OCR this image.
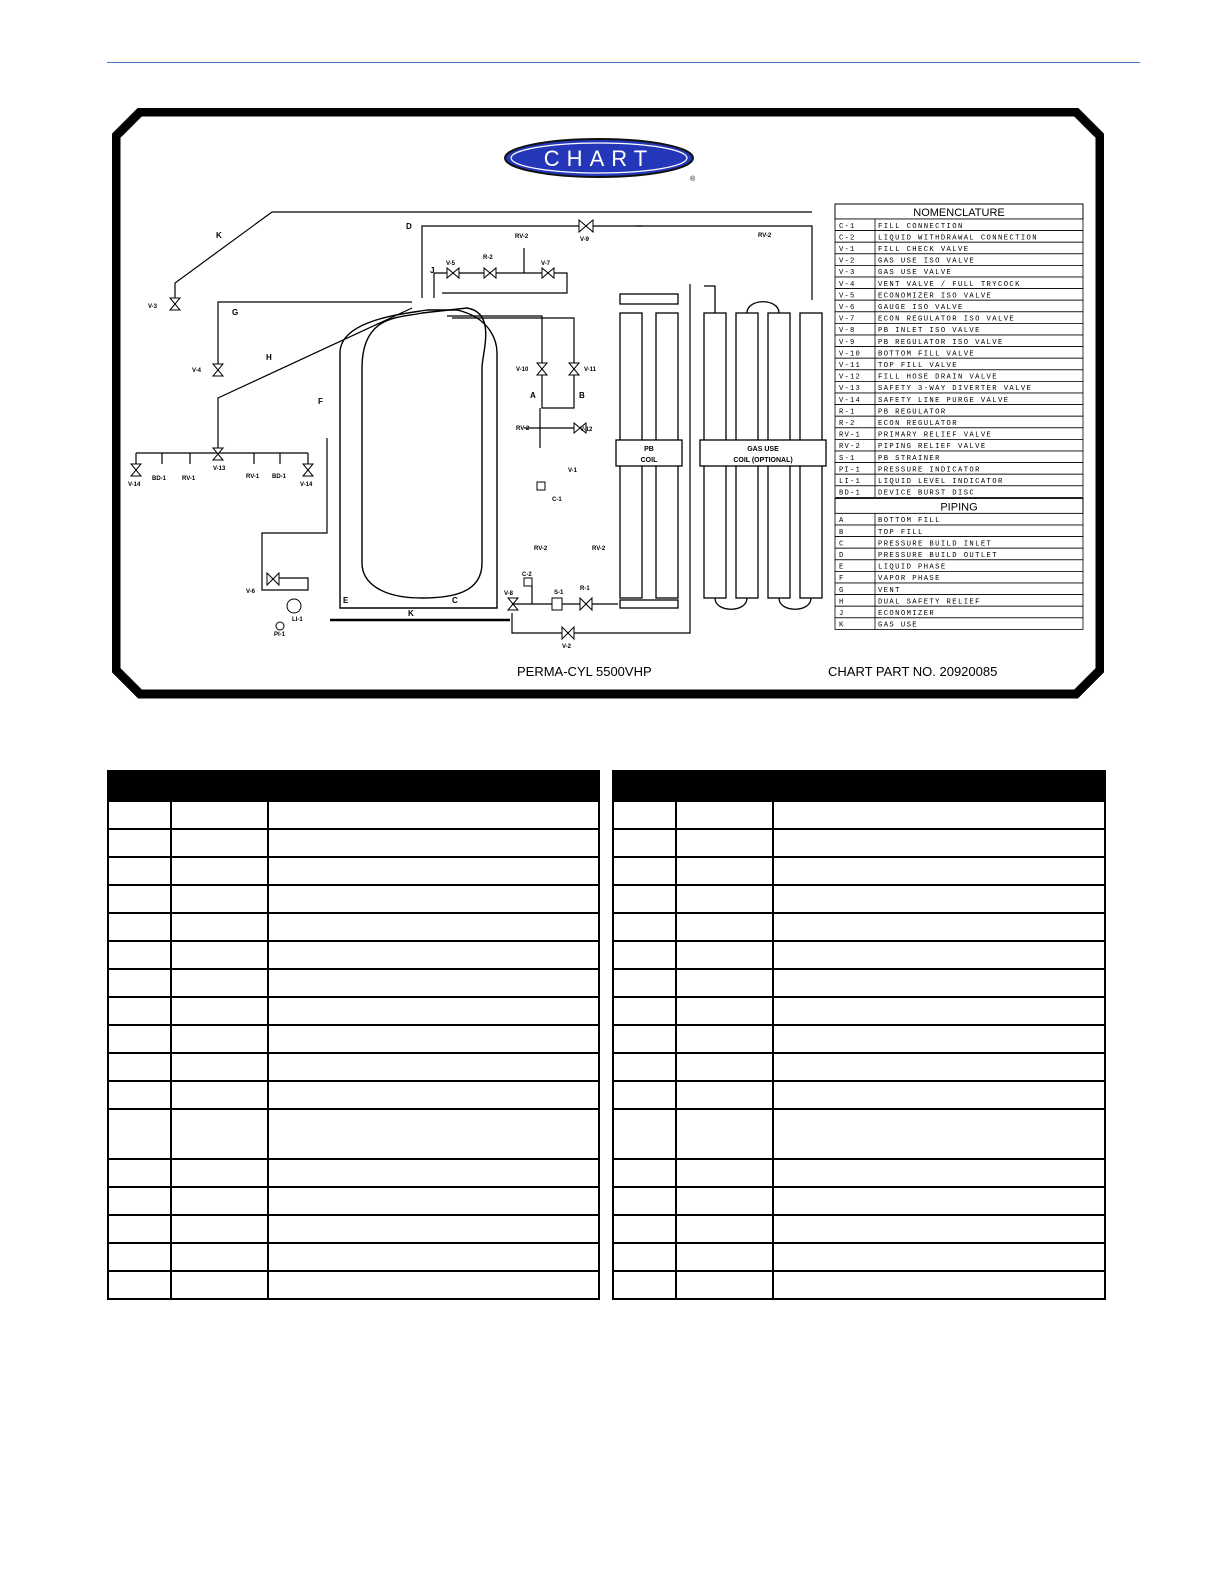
CHART
®
PB
COIL
GAS USE
COIL (OPTIONAL)
K
D
J
G
H
F
A	B
E	C
K
RV-2	V-9
R-2
V-5	V-7
RV-2
V-3
V-4	V-10	V-11
RV-2	V-12
V-1
C-1
V-13
V-14
BD-1	RV-1	RV-1 BD-1
V-14
V-6
LI-1
PI-1
RV-2	RV-2
C-2
V-8	S-1
R-1
V-2
PERMA-CYL 5500VHP	CHART PART NO. 20920085
NOMENCLATURE
C-1	FILL CONNECTION
C-2	LIQUID WITHDRAWAL CONNECTION
V-1	FILL CHECK VALVE
V-2	GAS USE ISO VALVE
V-3	GAS USE VALVE
V-4	VENT VALVE / FULL TRYCOCK
V-5	ECONOMIZER ISO VALVE
V-6	GAUGE ISO VALVE
V-7	ECON REGULATOR ISO VALVE
V-8	PB INLET ISO VALVE
V-9	PB REGULATOR ISO VALVE
V-10 BOTTOM FILL VALVE
V-11 TOP FILL VALVE
V-12 FILL HOSE DRAIN VALVE
V-13 SAFETY 3-WAY DIVERTER VALVE
V-14 SAFETY LINE PURGE VALVE
R-1	PB REGULATOR
R-2	ECON REGULATOR
RV-1 PRIMARY RELIEF VALVE
RV-2 PIPING RELIEF VALVE
S-1	PB STRAINER
PI-1 PRESSURE INDICATOR
LI-1 LIQUID LEVEL INDICATOR
BD-1 DEVICE BURST DISC
PIPING
A	BOTTOM FILL
B	TOP FILL
C	PRESSURE BUILD INLET
D	PRESSURE BUILD OUTLET
E	LIQUID PHASE
F	VAPOR PHASE
G	VENT
H	DUAL SAFETY RELIEF
J	ECONOMIZER
K	GAS USE
